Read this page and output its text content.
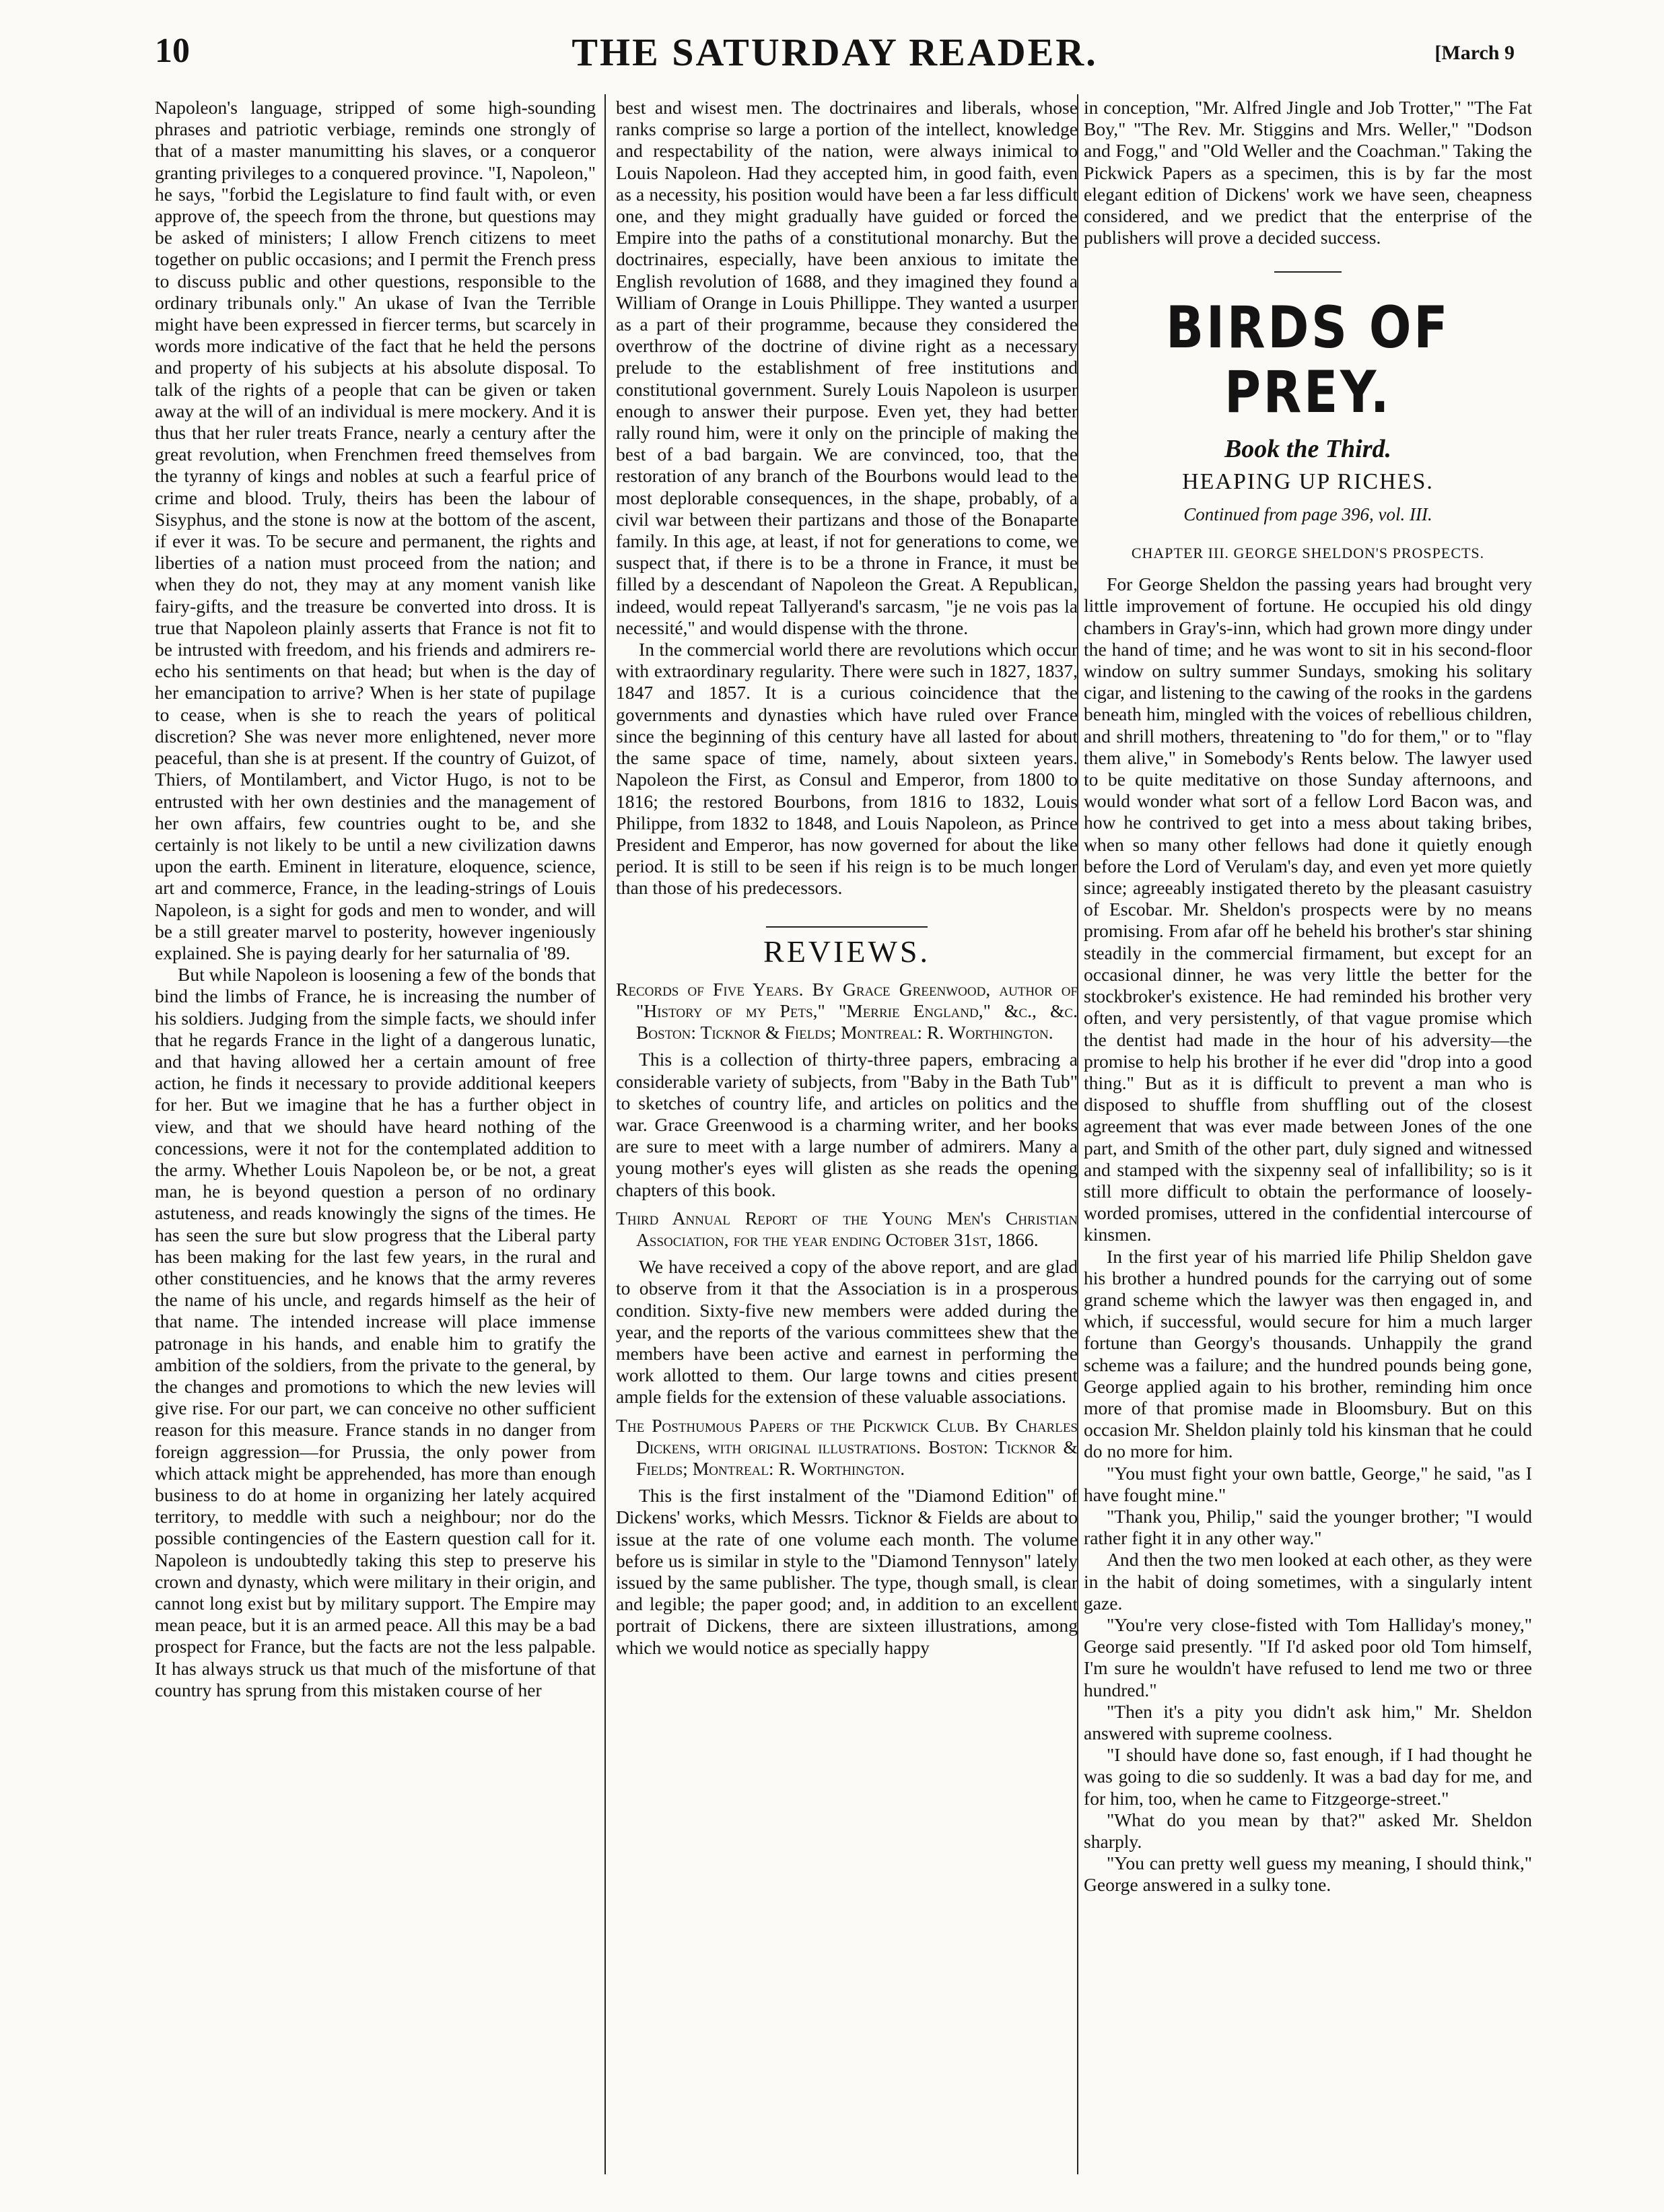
10	THE SATURDAY READER.	[March 9

Napoleon's language, stripped of some high-sounding phrases and patriotic verbiage, reminds one strongly of that of a master manumitting his slaves, or a conqueror granting privileges to a conquered province. "I, Napoleon," he says, "forbid the Legislature to find fault with, or even approve of, the speech from the throne, but questions may be asked of ministers; I allow French citizens to meet together on public occasions; and I permit the French press to discuss public and other questions, responsible to the ordinary tribunals only." An ukase of Ivan the Terrible might have been expressed in fiercer terms, but scarcely in words more indicative of the fact that he held the persons and property of his subjects at his absolute disposal. To talk of the rights of a people that can be given or taken away at the will of an individual is mere mockery. And it is thus that her ruler treats France, nearly a century after the great revolution, when Frenchmen freed themselves from the tyranny of kings and nobles at such a fearful price of crime and blood. Truly, theirs has been the labour of Sisyphus, and the stone is now at the bottom of the ascent, if ever it was. To be secure and permanent, the rights and liberties of a nation must proceed from the nation; and when they do not, they may at any moment vanish like fairy-gifts, and the treasure be converted into dross. It is true that Napoleon plainly asserts that France is not fit to be intrusted with freedom, and his friends and admirers re-echo his sentiments on that head; but when is the day of her emancipation to arrive? When is her state of pupilage to cease, when is she to reach the years of political discretion? She was never more enlightened, never more peaceful, than she is at present. If the country of Guizot, of Thiers, of Montilambert, and Victor Hugo, is not to be entrusted with her own destinies and the management of her own affairs, few countries ought to be, and she certainly is not likely to be until a new civilization dawns upon the earth. Eminent in literature, eloquence, science, art and commerce, France, in the leading-strings of Louis Napoleon, is a sight for gods and men to wonder, and will be a still greater marvel to posterity, however ingeniously explained. She is paying dearly for her saturnalia of '89.

But while Napoleon is loosening a few of the bonds that bind the limbs of France, he is increasing the number of his soldiers. Judging from the simple facts, we should infer that he regards France in the light of a dangerous lunatic, and that having allowed her a certain amount of free action, he finds it necessary to provide additional keepers for her. But we imagine that he has a further object in view, and that we should have heard nothing of the concessions, were it not for the contemplated addition to the army. Whether Louis Napoleon be, or be not, a great man, he is beyond question a person of no ordinary astuteness, and reads knowingly the signs of the times. He has seen the sure but slow progress that the Liberal party has been making for the last few years, in the rural and other constituencies, and he knows that the army reveres the name of his uncle, and regards himself as the heir of that name. The intended increase will place immense patronage in his hands, and enable him to gratify the ambition of the soldiers, from the private to the general, by the changes and promotions to which the new levies will give rise. For our part, we can conceive no other sufficient reason for this measure. France stands in no danger from foreign aggression—for Prussia, the only power from which attack might be apprehended, has more than enough business to do at home in organizing her lately acquired territory, to meddle with such a neighbour; nor do the possible contingencies of the Eastern question call for it. Napoleon is undoubtedly taking this step to preserve his crown and dynasty, which were military in their origin, and cannot long exist but by military support. The Empire may mean peace, but it is an armed peace. All this may be a bad prospect for France, but the facts are not the less palpable. It has always struck us that much of the misfortune of that country has sprung from this mistaken course of her

best and wisest men. The doctrinaires and liberals, whose ranks comprise so large a portion of the intellect, knowledge and respectability of the nation, were always inimical to Louis Napoleon. Had they accepted him, in good faith, even as a necessity, his position would have been a far less difficult one, and they might gradually have guided or forced the Empire into the paths of a constitutional monarchy. But the doctrinaires, especially, have been anxious to imitate the English revolution of 1688, and they imagined they found a William of Orange in Louis Phillippe. They wanted a usurper as a part of their programme, because they considered the overthrow of the doctrine of divine right as a necessary prelude to the establishment of free institutions and constitutional government. Surely Louis Napoleon is usurper enough to answer their purpose. Even yet, they had better rally round him, were it only on the principle of making the best of a bad bargain. We are convinced, too, that the restoration of any branch of the Bourbons would lead to the most deplorable consequences, in the shape, probably, of a civil war between their partizans and those of the Bonaparte family. In this age, at least, if not for generations to come, we suspect that, if there is to be a throne in France, it must be filled by a descendant of Napoleon the Great. A Republican, indeed, would repeat Tallyerand's sarcasm, "je ne vois pas la necessité," and would dispense with the throne.

In the commercial world there are revolutions which occur with extraordinary regularity. There were such in 1827, 1837, 1847 and 1857. It is a curious coincidence that the governments and dynasties which have ruled over France since the beginning of this century have all lasted for about the same space of time, namely, about sixteen years. Napoleon the First, as Consul and Emperor, from 1800 to 1816; the restored Bourbons, from 1816 to 1832, Louis Philippe, from 1832 to 1848, and Louis Napoleon, as Prince President and Emperor, has now governed for about the like period. It is still to be seen if his reign is to be much longer than those of his predecessors.

REVIEWS.
Records of Five Years. By Grace Greenwood, author of "History of my Pets," "Merrie England," &c., &c. Boston: Ticknor & Fields; Montreal: R. Worthington.

This is a collection of thirty-three papers, embracing a considerable variety of subjects, from "Baby in the Bath Tub" to sketches of country life, and articles on politics and the war. Grace Greenwood is a charming writer, and her books are sure to meet with a large number of admirers. Many a young mother's eyes will glisten as she reads the opening chapters of this book.

Third Annual Report of the Young Men's Christian Association, for the year ending October 31st, 1866.

We have received a copy of the above report, and are glad to observe from it that the Association is in a prosperous condition. Sixty-five new members were added during the year, and the reports of the various committees shew that the members have been active and earnest in performing the work allotted to them. Our large towns and cities present ample fields for the extension of these valuable associations.

The Posthumous Papers of the Pickwick Club. By Charles Dickens, with original illustrations. Boston: Ticknor & Fields; Montreal: R. Worthington.

This is the first instalment of the "Diamond Edition" of Dickens' works, which Messrs. Ticknor & Fields are about to issue at the rate of one volume each month. The volume before us is similar in style to the "Diamond Tennyson" lately issued by the same publisher. The type, though small, is clear and legible; the paper good; and, in addition to an excellent portrait of Dickens, there are sixteen illustrations, among which we would notice as specially happy

in conception, "Mr. Alfred Jingle and Job Trotter," "The Fat Boy," "The Rev. Mr. Stiggins and Mrs. Weller," "Dodson and Fogg," and "Old Weller and the Coachman." Taking the Pickwick Papers as a specimen, this is by far the most elegant edition of Dickens' work we have seen, cheapness considered, and we predict that the enterprise of the publishers will prove a decided success.

BIRDS OF PREY.
Book the Third.
HEAPING UP RICHES.
Continued from page 396, vol. III.
CHAPTER III. GEORGE SHELDON'S PROSPECTS.

For George Sheldon the passing years had brought very little improvement of fortune. He occupied his old dingy chambers in Gray's-inn, which had grown more dingy under the hand of time; and he was wont to sit in his second-floor window on sultry summer Sundays, smoking his solitary cigar, and listening to the cawing of the rooks in the gardens beneath him, mingled with the voices of rebellious children, and shrill mothers, threatening to "do for them," or to "flay them alive," in Somebody's Rents below. The lawyer used to be quite meditative on those Sunday afternoons, and would wonder what sort of a fellow Lord Bacon was, and how he contrived to get into a mess about taking bribes, when so many other fellows had done it quietly enough before the Lord of Verulam's day, and even yet more quietly since; agreeably instigated thereto by the pleasant casuistry of Escobar. Mr. Sheldon's prospects were by no means promising. From afar off he beheld his brother's star shining steadily in the commercial firmament, but except for an occasional dinner, he was very little the better for the stockbroker's existence. He had reminded his brother very often, and very persistently, of that vague promise which the dentist had made in the hour of his adversity—the promise to help his brother if he ever did "drop into a good thing." But as it is difficult to prevent a man who is disposed to shuffle from shuffling out of the closest agreement that was ever made between Jones of the one part, and Smith of the other part, duly signed and witnessed and stamped with the sixpenny seal of infallibility; so is it still more difficult to obtain the performance of loosely-worded promises, uttered in the confidential intercourse of kinsmen.

In the first year of his married life Philip Sheldon gave his brother a hundred pounds for the carrying out of some grand scheme which the lawyer was then engaged in, and which, if successful, would secure for him a much larger fortune than Georgy's thousands. Unhappily the grand scheme was a failure; and the hundred pounds being gone, George applied again to his brother, reminding him once more of that promise made in Bloomsbury. But on this occasion Mr. Sheldon plainly told his kinsman that he could do no more for him.

"You must fight your own battle, George," he said, "as I have fought mine."

"Thank you, Philip," said the younger brother; "I would rather fight it in any other way."

And then the two men looked at each other, as they were in the habit of doing sometimes, with a singularly intent gaze.

"You're very close-fisted with Tom Halliday's money," George said presently. "If I'd asked poor old Tom himself, I'm sure he wouldn't have refused to lend me two or three hundred."

"Then it's a pity you didn't ask him," Mr. Sheldon answered with supreme coolness.

"I should have done so, fast enough, if I had thought he was going to die so suddenly. It was a bad day for me, and for him, too, when he came to Fitzgeorge-street."

"What do you mean by that?" asked Mr. Sheldon sharply.

"You can pretty well guess my meaning, I should think," George answered in a sulky tone.
